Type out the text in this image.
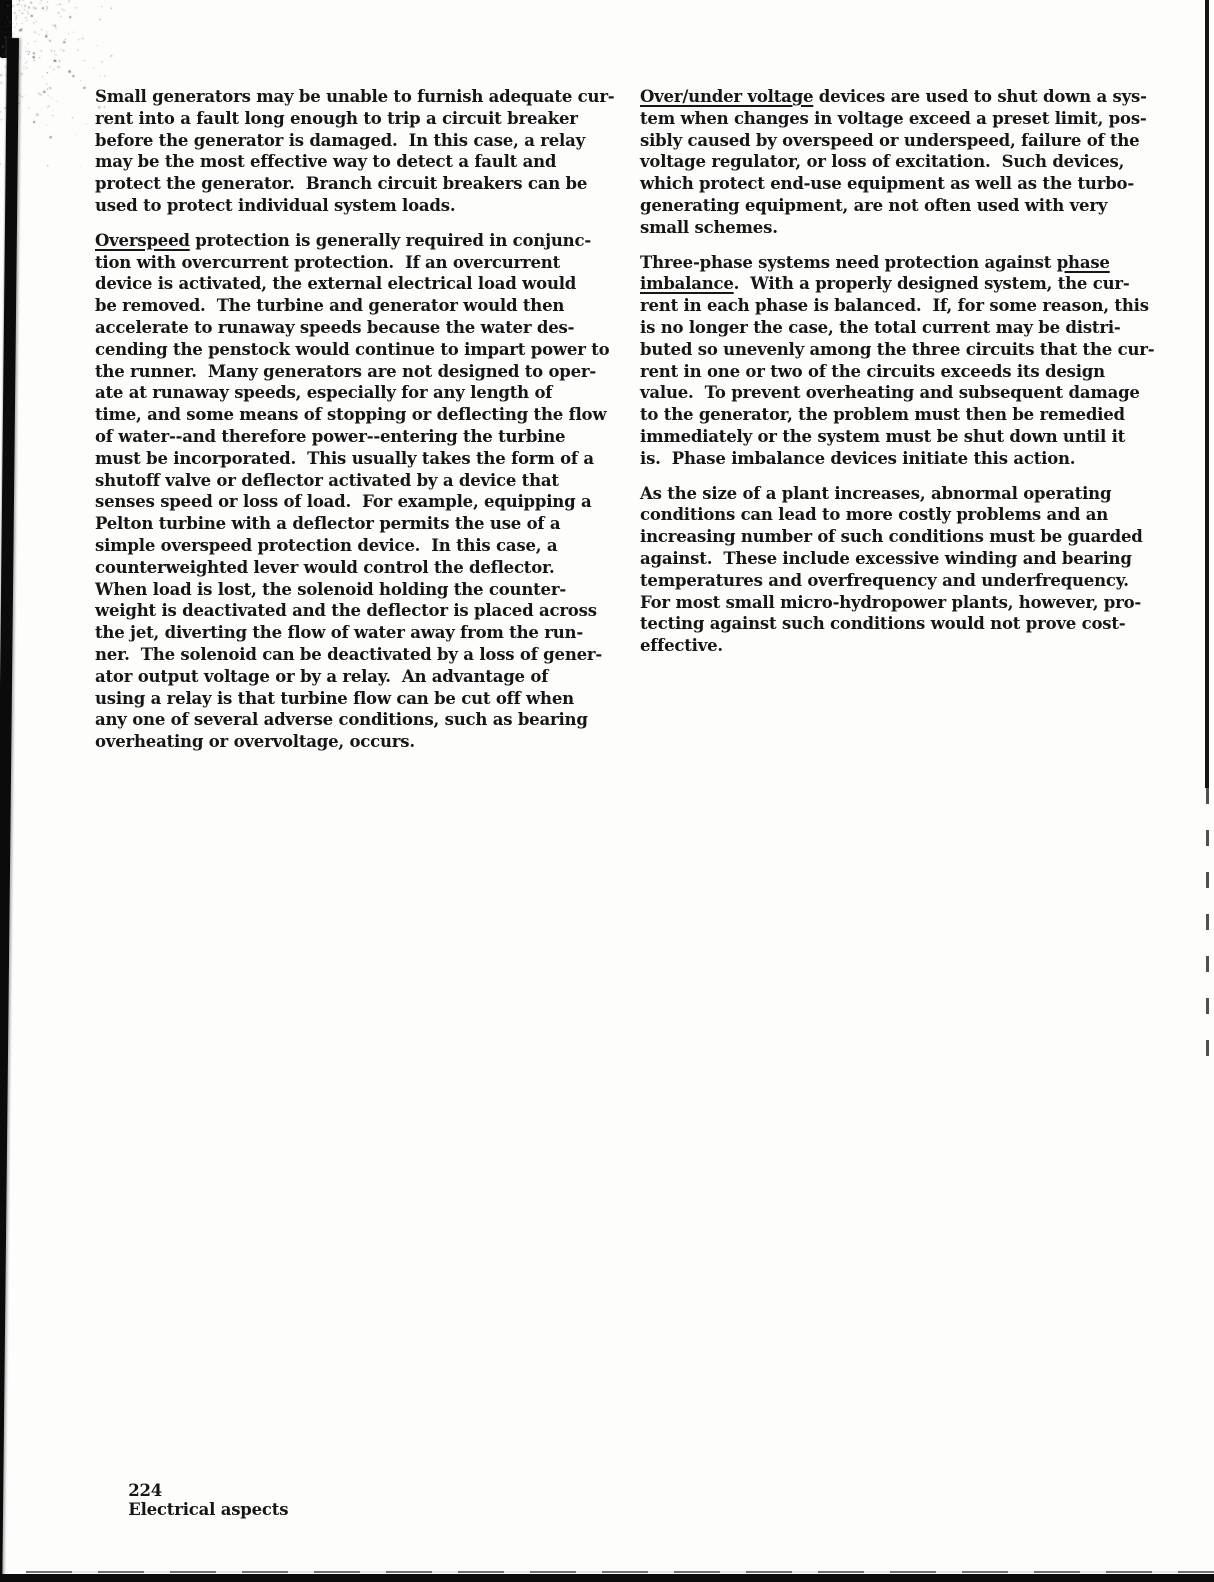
Small generators may be unable to furnish adequate cur-
rent into a fault long enough to trip a circuit breaker
before the generator is damaged.  In this case, a relay
may be the most effective way to detect a fault and
protect the generator.  Branch circuit breakers can be
used to protect individual system loads.

Overspeed protection is generally required in conjunc-
tion with overcurrent protection.  If an overcurrent
device is activated, the external electrical load would
be removed.  The turbine and generator would then
accelerate to runaway speeds because the water des-
cending the penstock would continue to impart power to
the runner.  Many generators are not designed to oper-
ate at runaway speeds, especially for any length of
time, and some means of stopping or deflecting the flow
of water--and therefore power--entering the turbine
must be incorporated.  This usually takes the form of a
shutoff valve or deflector activated by a device that
senses speed or loss of load.  For example, equipping a
Pelton turbine with a deflector permits the use of a
simple overspeed protection device.  In this case, a
counterweighted lever would control the deflector.
When load is lost, the solenoid holding the counter-
weight is deactivated and the deflector is placed across
the jet, diverting the flow of water away from the run-
ner.  The solenoid can be deactivated by a loss of gener-
ator output voltage or by a relay.  An advantage of
using a relay is that turbine flow can be cut off when
any one of several adverse conditions, such as bearing
overheating or overvoltage, occurs.

Over/under voltage devices are used to shut down a sys-
tem when changes in voltage exceed a preset limit, pos-
sibly caused by overspeed or underspeed, failure of the
voltage regulator, or loss of excitation.  Such devices,
which protect end-use equipment as well as the turbo-
generating equipment, are not often used with very
small schemes.

Three-phase systems need protection against phase
imbalance.  With a properly designed system, the cur-
rent in each phase is balanced.  If, for some reason, this
is no longer the case, the total current may be distri-
buted so unevenly among the three circuits that the cur-
rent in one or two of the circuits exceeds its design
value.  To prevent overheating and subsequent damage
to the generator, the problem must then be remedied
immediately or the system must be shut down until it
is.  Phase imbalance devices initiate this action.

As the size of a plant increases, abnormal operating
conditions can lead to more costly problems and an
increasing number of such conditions must be guarded
against.  These include excessive winding and bearing
temperatures and overfrequency and underfrequency.
For most small micro-hydropower plants, however, pro-
tecting against such conditions would not prove cost-
effective.

224
Electrical aspects
